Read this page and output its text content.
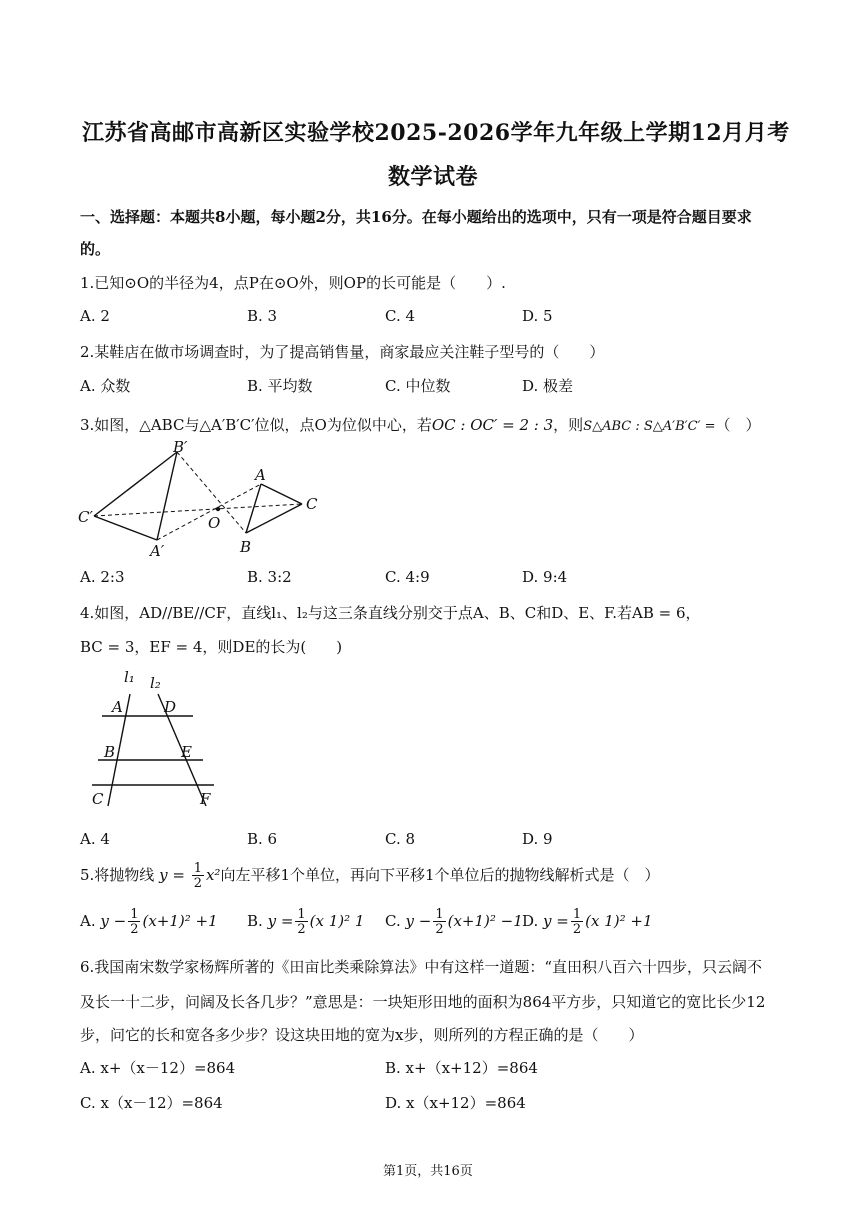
江苏省高邮市高新区实验学校2025-2026学年九年级上学期12月月考
数学试卷
一、选择题：本题共8小题，每小题2分，共16分。在每小题给出的选项中，只有一项是符合题目要求
的。
1.已知⊙O的半径为4，点P在⊙O外，则OP的长可能是（　　）.
A. 2	B. 3	C. 4	D. 5
2.某鞋店在做市场调查时，为了提高销售量，商家最应关注鞋子型号的（　　）
A. 众数	B. 平均数	C. 中位数	D. 极差
3.如图，△ABC与△A′B′C′位似，点O为位似中心，若OC : OC′ = 2 : 3，则S△ABC : S△A′B′C′ =（　）
B′
C′
A′
O
A
B
C
A. 2:3	B. 3:2	C. 4:9	D. 9:4
4.如图，AD//BE//CF，直线l₁、l₂与这三条直线分别交于点A、B、C和D、E、F.若AB = 6，
BC = 3，EF = 4，则DE的长为(　　)
l₁ l₂
A	D
B	E
C	F
A. 4	B. 6	C. 8	D. 9
5.将抛物线 $y = \frac{1}{2} x^2$向左平移1个单位，再向下平移1个单位后的抛物线解析式是（　）
A. $y - \frac{1}{2} (x+1)^2 +1$ B. $y = \frac{1}{2} (x$ 1)² 1 C. $y - \frac{1}{2} (x+1)^2 -1$ D. $y = \frac{1}{2} (x$ 1)² +1
6.我国南宋数学家杨辉所著的《田亩比类乘除算法》中有这样一道题：“直田积八百六十四步，只云阔不
及长一十二步，问阔及长各几步？”意思是：一块矩形田地的面积为864平方步，只知道它的宽比长少12
步，问它的长和宽各多少步？设这块田地的宽为x步，则所列的方程正确的是（　　）
A. x+（x－12）=864	B. x+（x+12）=864
C. x（x－12）=864	D. x（x+12）=864
第1页，共16页
